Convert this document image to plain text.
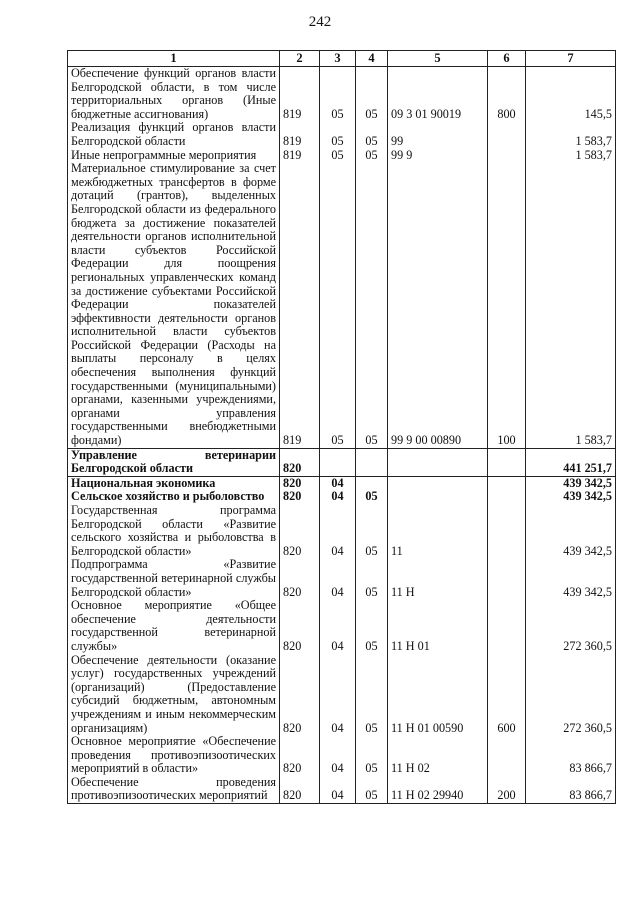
242
1	2	3	4	5	6	7
Обеспечение функций органов власти Белгородской области, в том числе территориальных органов (Иные бюджетные ассигнования)	819	05	05	09 3 01 90019	800	145,5
Реализация функций органов власти Белгородской области	819	05	05	99		1 583,7
Иные непрограммные мероприятия	819	05	05	99 9		1 583,7
Материальное стимулирование за счет межбюджетных трансфертов в форме дотаций (грантов), выделенных Белгородской области из федерального бюджета за достижение показателей деятельности органов исполнительной власти субъектов Российской Федерации для поощрения региональных управленческих команд за достижение субъектами Российской Федерации показателей эффективности деятельности органов исполнительной власти субъектов Российской Федерации (Расходы на выплаты персоналу в целях обеспечения выполнения функций государственными (муниципальными) органами, казенными учреждениями, органами управления государственными внебюджетными фондами)	819	05	05	99 9 00 00890	100	1 583,7
Управление ветеринарии Белгородской области	820					441 251,7
Национальная экономика	820	04				439 342,5
Сельское хозяйство и рыболовство	820	04	05			439 342,5
Государственная программа Белгородской области «Развитие сельского хозяйства и рыболовства в Белгородской области»	820	04	05	11		439 342,5
Подпрограмма «Развитие государственной ветеринарной службы Белгородской области»	820	04	05	11 Н		439 342,5
Основное мероприятие «Общее обеспечение деятельности государственной ветеринарной службы»	820	04	05	11 Н 01		272 360,5
Обеспечение деятельности (оказание услуг) государственных учреждений (организаций) (Предоставление субсидий бюджетным, автономным учреждениям и иным некоммерческим организациям)	820	04	05	11 Н 01 00590	600	272 360,5
Основное мероприятие «Обеспечение проведения противоэпизоотических мероприятий в области»	820	04	05	11 Н 02		83 866,7
Обеспечение проведения противоэпизоотических мероприятий	820	04	05	11 Н 02 29940	200	83 866,7
